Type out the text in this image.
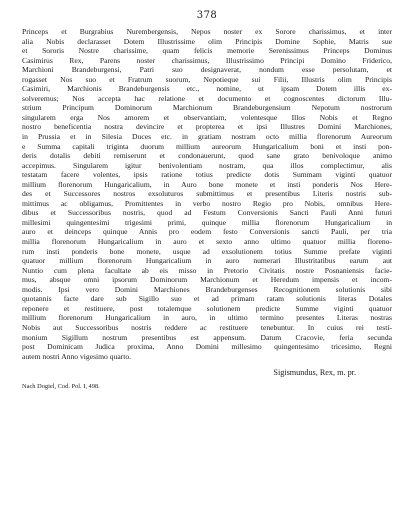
378
Princeps et Burgrabius Nurembergensis, Nepos noster ex Sorore charissimus, et inter
alia Nobis declarasset Dotem Illustrissime olim Principis Domine Sophie, Matris sue
et Sororis Nostre charissime, quam felicis memorie Serenissimus Princeps Dominus
Casimirus Rex, Parens noster charissimus, Illustrissimo Principi Domino Friderico,
Marchioni Brandeburgensi, Patri suo designaverat, nondum esse persolutam, et
rogasset Nos suo et Fratrum suorum, Nepotieque sui Filii, Illustris olim Principis
Casimiri, Marchionis Brandeburgensis etc., nomine, ut ipsam Dotem illis ex-
solveremus; Nos accepta hac relatione et documento et cognoscentes dictorum Illu-
strium Principum Dominorum Marchionum Brandeburgensium Nepotum nostrorum
singularem erga Nos amorem et observantiam, volentesque Illos Nobis et Regno
nostro beneficentia nostra devincire et propterea et ipsi Illustres Domini Marchiones,
in Prussia et in Silesia Duces etc. in gratiam nostram octo millia florenorum Aureorum
e Summa capitali triginta duorum millium aureorum Hungaricalium boni et insti pon-
deris dotalis debiti remiserunt et condonauerunt, quod sane grato benivoloque animo
accepimus. Singularem igitur benivolentiam nostram, qua illos complectimur, alis
testatam facere volentes, ipsis ratione totius predicte dotis Summam viginti quatuor
millium florenorum Hungaricalium, in Auro bone monete et insti ponderis Nos Here-
des et Successores nostros exsoluturos submittimus et presentibus Literis nostris sub-
mittimus ac obligamus, Promittentes in verbo nostro Regio pro Nobis, omnibus Here-
dibus et Successoribus nostris, quod ad Festum Conversionis Sancti Pauli Anni futuri
millesimi quingentesimi trigesimi primi, quinque millia florenorum Hungaricalium in
auro et deinceps quinque Annis pro eodem festo Conversionis sancti Pauli, per tria
millia florenorum Hungaricalium in auro et sexto anno ultimo quatuor millia floreno-
rum insti ponderis bone monete, usque ad exsolutionem totius Summe prefate viginti
quatuor millium florenorum Hungaricalium in auro numerari Illustritatibus earum aut
Nuntio cum plena facultate ab eis misso in Pretorio Civitatis nostre Posnaniensis facie-
mus, absque omni ipsorum Dominorum Marchionum et Heredum impensis et incom-
modis. Ipsi vero Domini Marchiones Brandeburgenses Recognitionem solutionis sibi
quotannis facte dare sub Sigillo suo et ad primam ratam solutionis literas Dotales
reponere et restituere, post totalemque solutionem predicte Summe viginti quatuor
millium florenorum Hungaricalium in auro, in ultimo termino presentes Literas nostras
Nobis aut Successoribus nostris reddere ac restituere tenebuntur. In cuius rei testi-
monium Sigillum nostrum presentibus est appensum. Datum Cracovie, feria secunda
post Dominicam Judica proxima, Anno Domini millesimo quingentesimo tricesimo, Regni
autem nostri Anno vigesimo quarto.
Sigismundus, Rex, m. pr.
Nach Dogiel, Cod. Pol. I, 498.
